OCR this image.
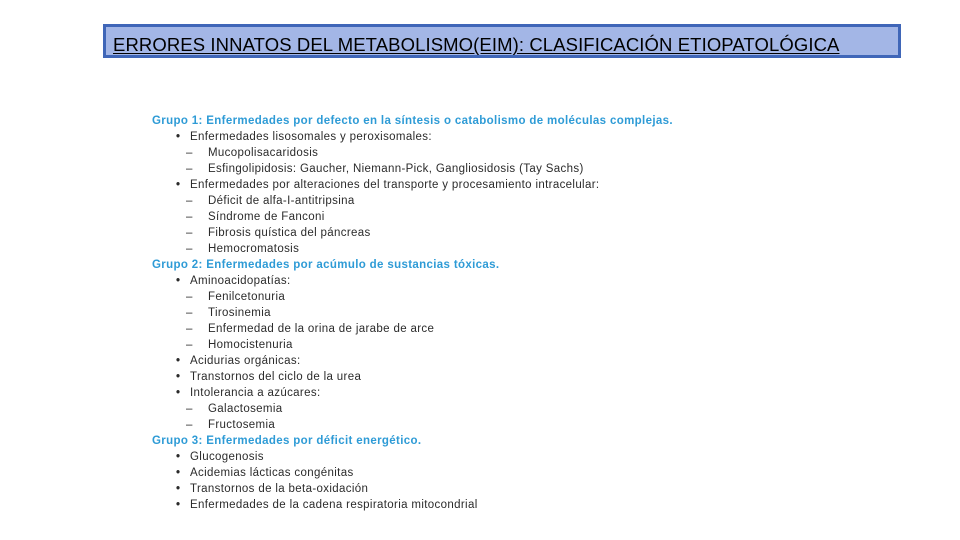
ERRORES INNATOS DEL METABOLISMO(EIM): CLASIFICACIÓN ETIOPATOLÓGICA

Grupo 1: Enfermedades por defecto en la síntesis o catabolismo de moléculas complejas.
• Enfermedades lisosomales y peroxisomales:
– Mucopolisacaridosis
– Esfingolipidosis: Gaucher, Niemann-Pick, Gangliosidosis (Tay Sachs)
• Enfermedades por alteraciones del transporte y procesamiento intracelular:
– Déficit de alfa-I-antitripsina
– Síndrome de Fanconi
– Fibrosis quística del páncreas
– Hemocromatosis
Grupo 2: Enfermedades por acúmulo de sustancias tóxicas.
• Aminoacidopatías:
– Fenilcetonuria
– Tirosinemia
– Enfermedad de la orina de jarabe de arce
– Homocistenuria
• Acidurias orgánicas:
• Transtornos del ciclo de la urea
• Intolerancia a azúcares:
– Galactosemia
– Fructosemia
Grupo 3: Enfermedades por déficit energético.
• Glucogenosis
• Acidemias lácticas congénitas
• Transtornos de la beta-oxidación
• Enfermedades de la cadena respiratoria mitocondrial
